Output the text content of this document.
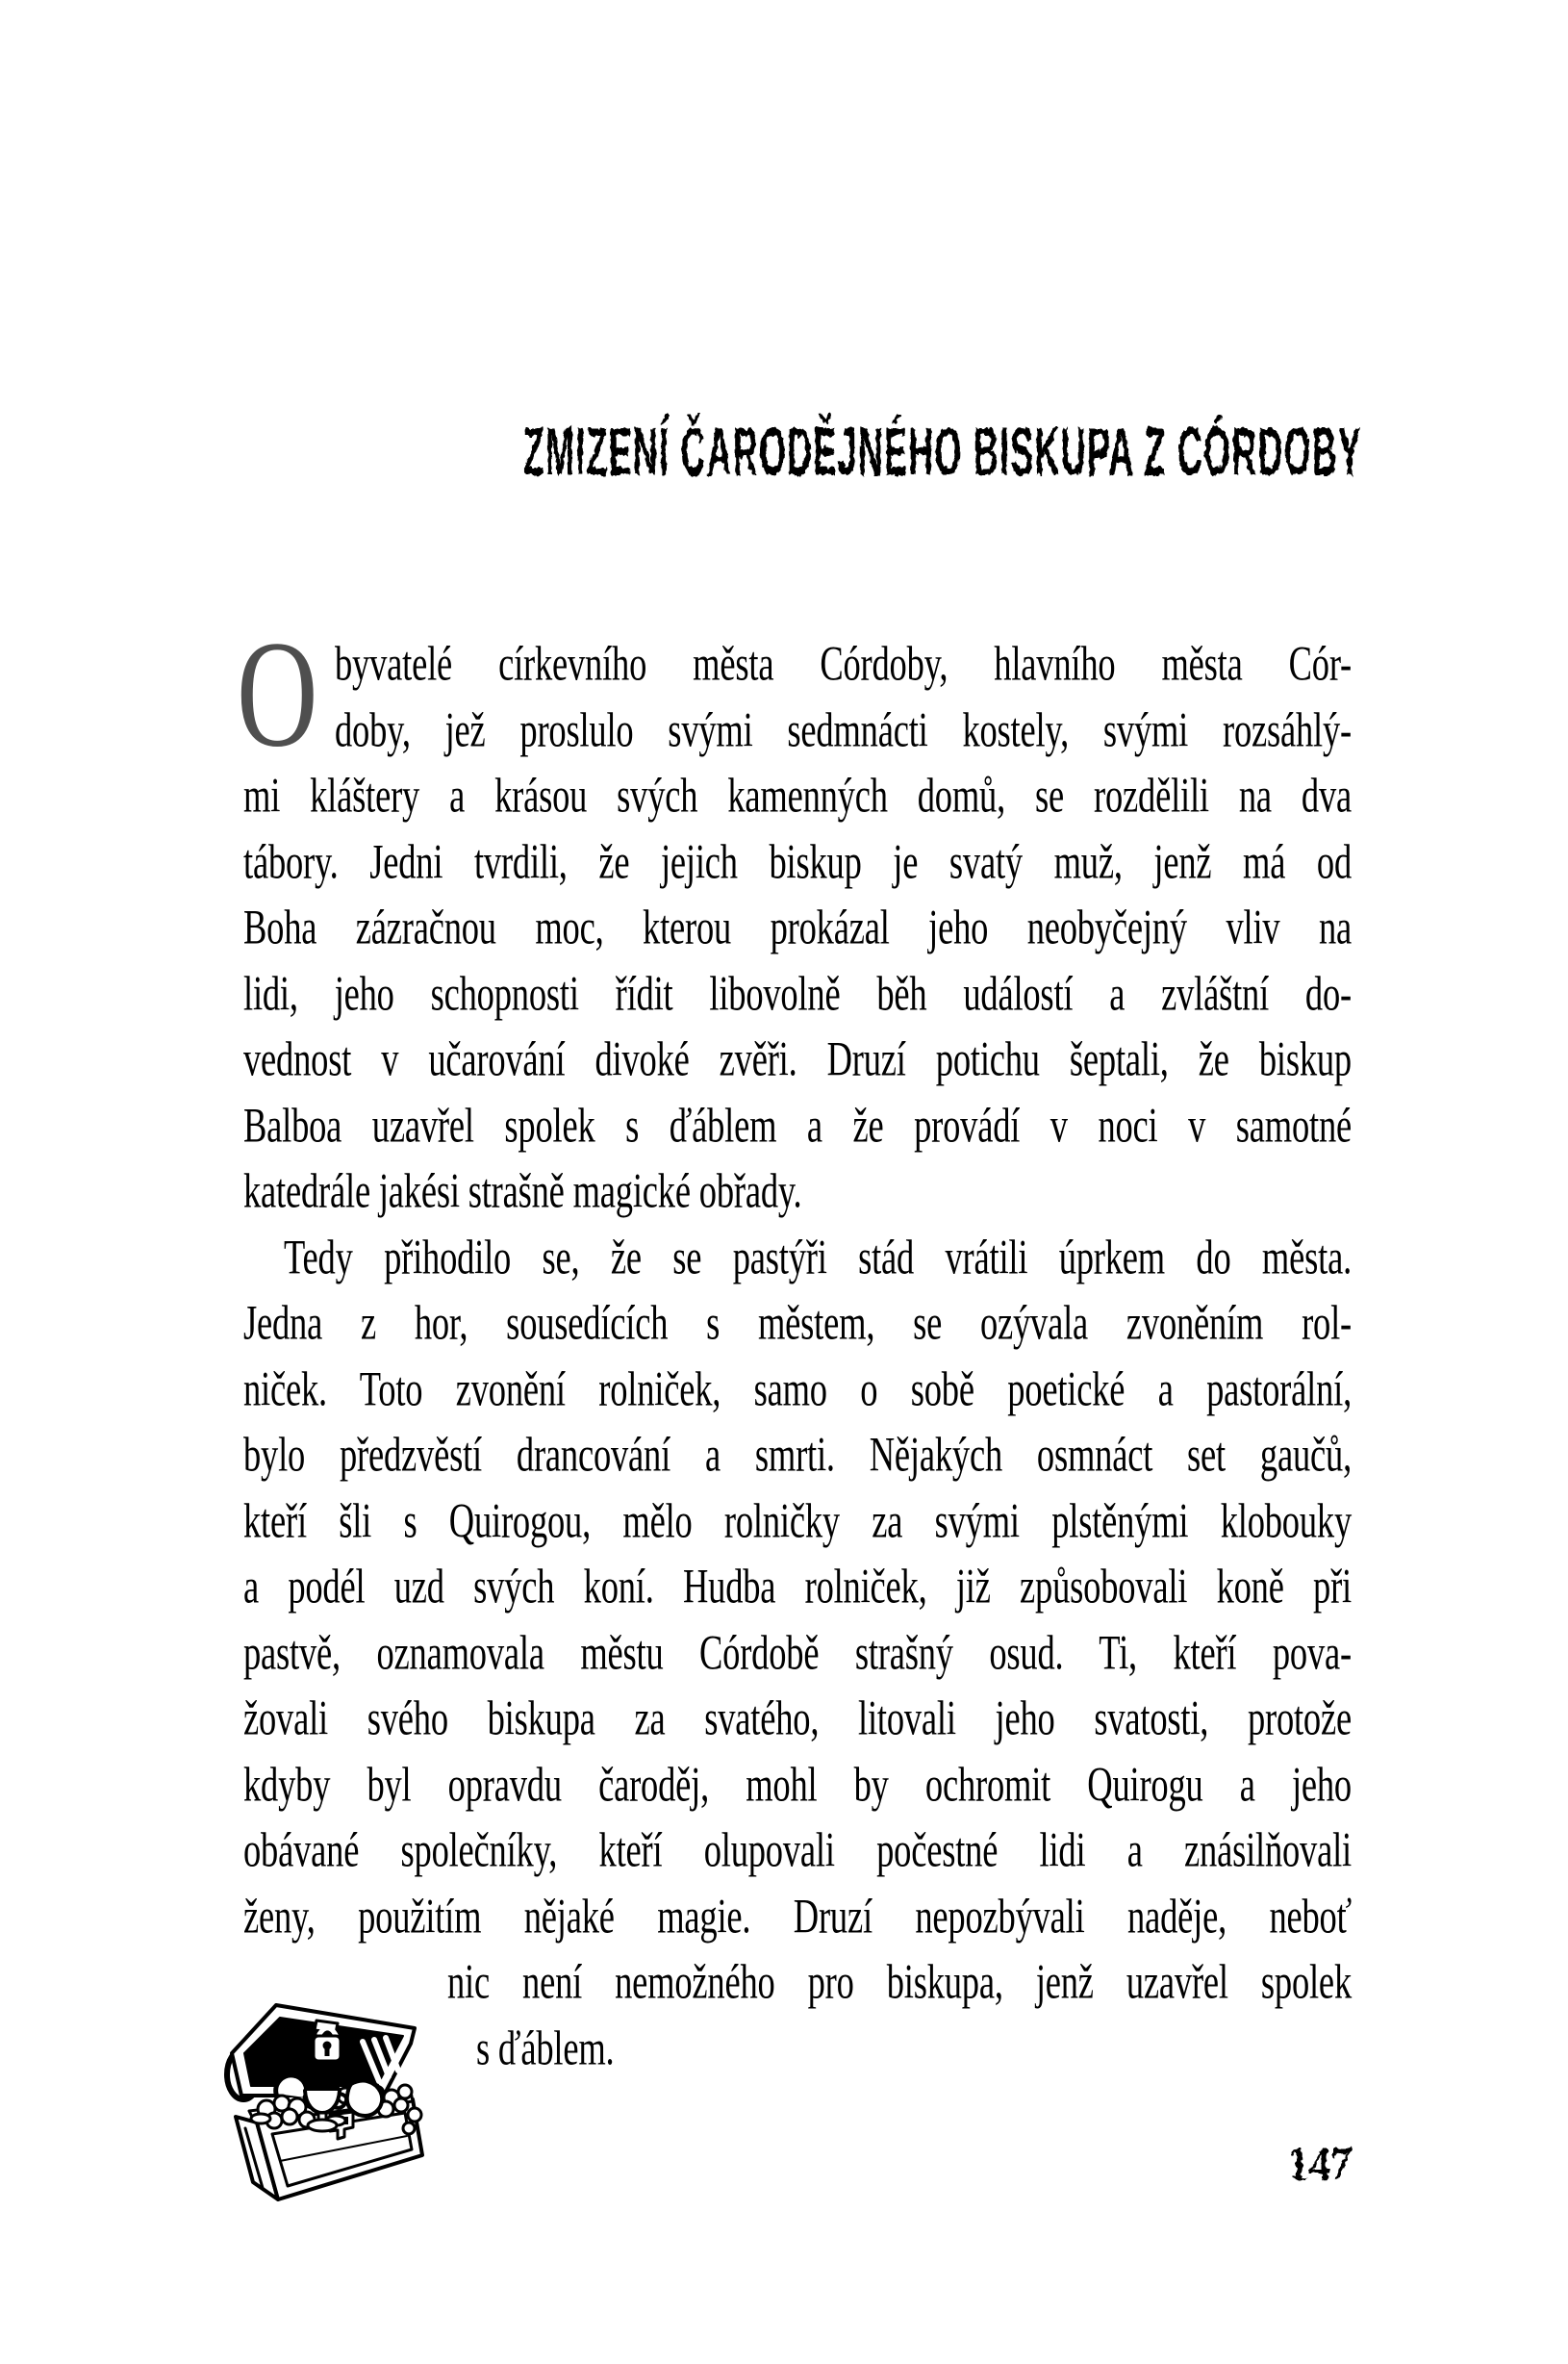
ZMIZENÍ ČARODĚJNÉHO BISKUPA Z CÓRDOBY
O byvatelé církevního města Córdoby, hlavního města Cór-
doby, jež proslulo svými sedmnácti kostely, svými rozsáhlý-
mi kláštery a krásou svých kamenných domů, se rozdělili na dva
tábory. Jedni tvrdili, že jejich biskup je svatý muž, jenž má od
Boha zázračnou moc, kterou prokázal jeho neobyčejný vliv na
lidi, jeho schopnosti řídit libovolně běh událostí a zvláštní do-
vednost v učarování divoké zvěři. Druzí potichu šeptali, že biskup
Balboa uzavřel spolek s ďáblem a že provádí v noci v samotné
katedrále jakési strašně magické obřady.
Tedy přihodilo se, že se pastýři stád vrátili úprkem do města.
Jedna z hor, sousedících s městem, se ozývala zvoněním rol-
niček. Toto zvonění rolniček, samo o sobě poetické a pastorální,
bylo předzvěstí drancování a smrti. Nějakých osmnáct set gaučů,
kteří šli s Quirogou, mělo rolničky za svými plstěnými klobouky
a podél uzd svých koní. Hudba rolniček, již způsobovali koně při
pastvě, oznamovala městu Córdobě strašný osud. Ti, kteří pova-
žovali svého biskupa za svatého, litovali jeho svatosti, protože
kdyby byl opravdu čaroděj, mohl by ochromit Quirogu a jeho
obávané společníky, kteří olupovali počestné lidi a znásilňovali
ženy, použitím nějaké magie. Druzí nepozbývali naděje, neboť
nic není nemožného pro biskupa, jenž uzavřel spolek
s ďáblem.
147
